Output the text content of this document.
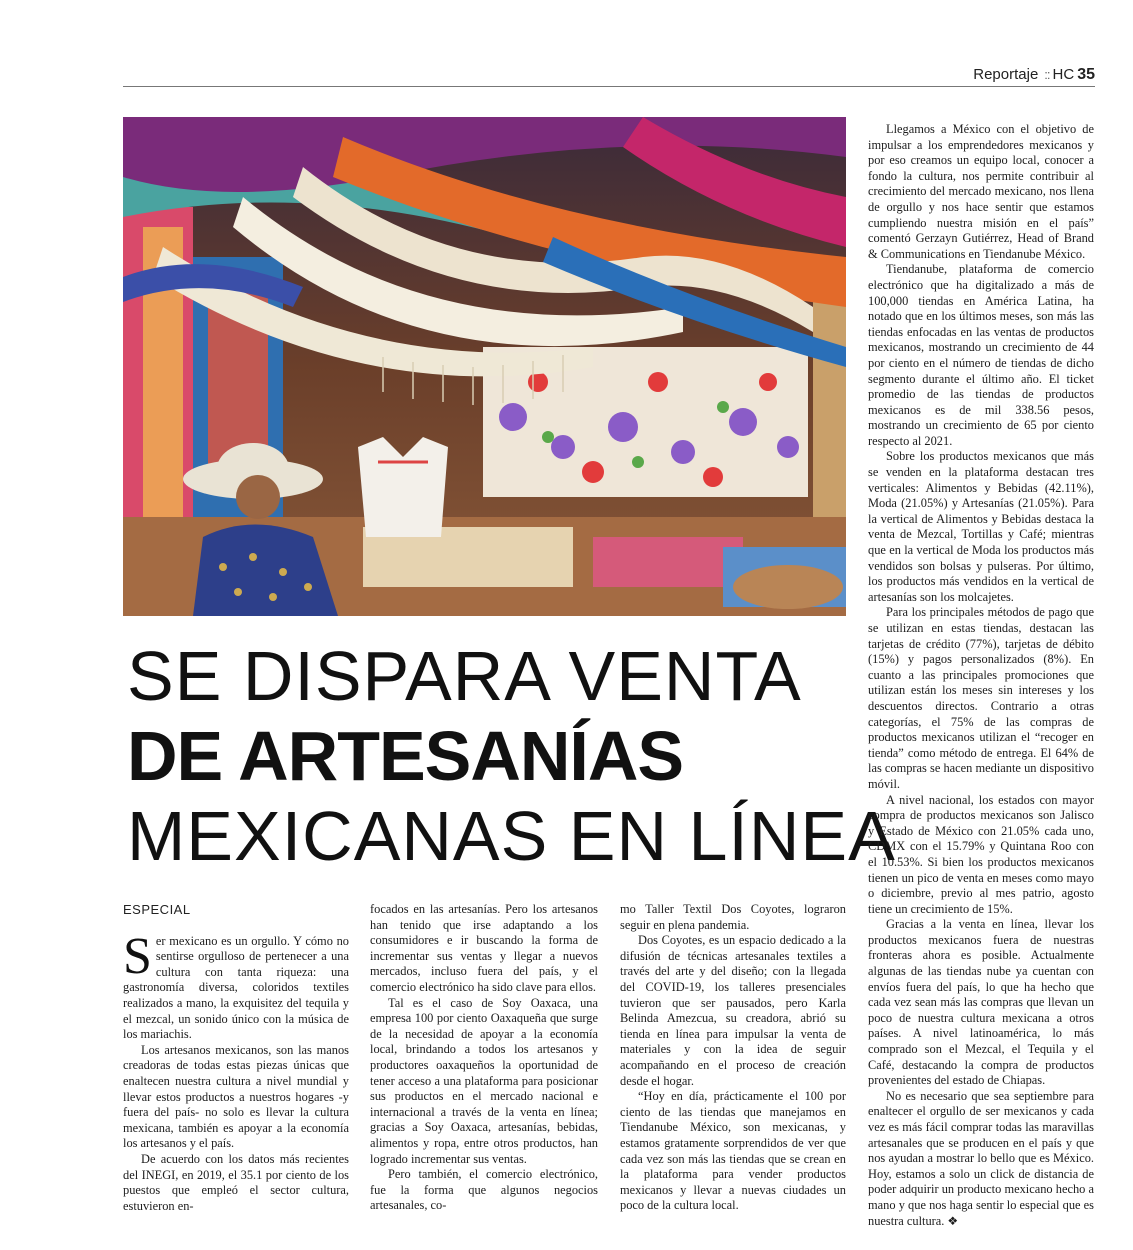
Reportaje :: HC 35
SE DISPARA VENTA
DE ARTESANÍAS
MEXICANAS EN LÍNEA
ESPECIAL

Ser mexicano es un orgullo. Y cómo no sentirse orgulloso de pertenecer a una cultura con tanta riqueza: una gastronomía diversa, coloridos textiles realizados a mano, la exquisitez del tequila y el mezcal, un sonido único con la música de los mariachis.

Los artesanos mexicanos, son las manos creadoras de todas estas piezas únicas que enaltecen nuestra cultura a nivel mundial y llevar estos productos a nuestros hogares -y fuera del país- no solo es llevar la cultura mexicana, también es apoyar a la economía los artesanos y el país.

De acuerdo con los datos más recientes del INEGI, en 2019, el 35.1 por ciento de los puestos que empleó el sector cultura, estuvieron en-

focados en las artesanías. Pero los artesanos han tenido que irse adaptando a los consumidores e ir buscando la forma de incrementar sus ventas y llegar a nuevos mercados, incluso fuera del país, y el comercio electrónico ha sido clave para ellos.

Tal es el caso de Soy Oaxaca, una empresa 100 por ciento Oaxaqueña que surge de la necesidad de apoyar a la economía local, brindando a todos los artesanos y productores oaxaqueños la oportunidad de tener acceso a una plataforma para posicionar sus productos en el mercado nacional e internacional a través de la venta en línea; gracias a Soy Oaxaca, artesanías, bebidas, alimentos y ropa, entre otros productos, han logrado incrementar sus ventas.

Pero también, el comercio electrónico, fue la forma que algunos negocios artesanales, co-

mo Taller Textil Dos Coyotes, lograron seguir en plena pandemia.

Dos Coyotes, es un espacio dedicado a la difusión de técnicas artesanales textiles a través del arte y del diseño; con la llegada del COVID-19, los talleres presenciales tuvieron que ser pausados, pero Karla Belinda Amezcua, su creadora, abrió su tienda en línea para impulsar la venta de materiales y con la idea de seguir acompañando en el proceso de creación desde el hogar.

“Hoy en día, prácticamente el 100 por ciento de las tiendas que manejamos en Tiendanube México, son mexicanas, y estamos gratamente sorprendidos de ver que cada vez son más las tiendas que se crean en la plataforma para vender productos mexicanos y llevar a nuevas ciudades un poco de la cultura local.

Llegamos a México con el objetivo de impulsar a los emprendedores mexicanos y por eso creamos un equipo local, conocer a fondo la cultura, nos permite contribuir al crecimiento del mercado mexicano, nos llena de orgullo y nos hace sentir que estamos cumpliendo nuestra misión en el país” comentó Gerzayn Gutiérrez, Head of Brand & Communications en Tiendanube México.

Tiendanube, plataforma de comercio electrónico que ha digitalizado a más de 100,000 tiendas en América Latina, ha notado que en los últimos meses, son más las tiendas enfocadas en las ventas de productos mexicanos, mostrando un crecimiento de 44 por ciento en el número de tiendas de dicho segmento durante el último año. El ticket promedio de las tiendas de productos mexicanos es de mil 338.56 pesos, mostrando un crecimiento de 65 por ciento respecto al 2021.

Sobre los productos mexicanos que más se venden en la plataforma destacan tres verticales: Alimentos y Bebidas (42.11%), Moda (21.05%) y Artesanías (21.05%). Para la vertical de Alimentos y Bebidas destaca la venta de Mezcal, Tortillas y Café; mientras que en la vertical de Moda los productos más vendidos son bolsas y pulseras. Por último, los productos más vendidos en la vertical de artesanías son los molcajetes.

Para los principales métodos de pago que se utilizan en estas tiendas, destacan las tarjetas de crédito (77%), tarjetas de débito (15%) y pagos personalizados (8%). En cuanto a las principales promociones que utilizan están los meses sin intereses y los descuentos directos. Contrario a otras categorías, el 75% de las compras de productos mexicanos utilizan el “recoger en tienda” como método de entrega. El 64% de las compras se hacen mediante un dispositivo móvil.

A nivel nacional, los estados con mayor compra de productos mexicanos son Jalisco y Estado de México con 21.05% cada uno, CDMX con el 15.79% y Quintana Roo con el 10.53%. Si bien los productos mexicanos tienen un pico de venta en meses como mayo o diciembre, previo al mes patrio, agosto tiene un crecimiento de 15%.

Gracias a la venta en línea, llevar los productos mexicanos fuera de nuestras fronteras ahora es posible. Actualmente algunas de las tiendas nube ya cuentan con envíos fuera del país, lo que ha hecho que cada vez sean más las compras que llevan un poco de nuestra cultura mexicana a otros países. A nivel latinoamérica, lo más comprado son el Mezcal, el Tequila y el Café, destacando la compra de productos provenientes del estado de Chiapas.

No es necesario que sea septiembre para enaltecer el orgullo de ser mexicanos y cada vez es más fácil comprar todas las maravillas artesanales que se producen en el país y que nos ayudan a mostrar lo bello que es México. Hoy, estamos a solo un click de distancia de poder adquirir un producto mexicano hecho a mano y que nos haga sentir lo especial que es nuestra cultura. ❖
